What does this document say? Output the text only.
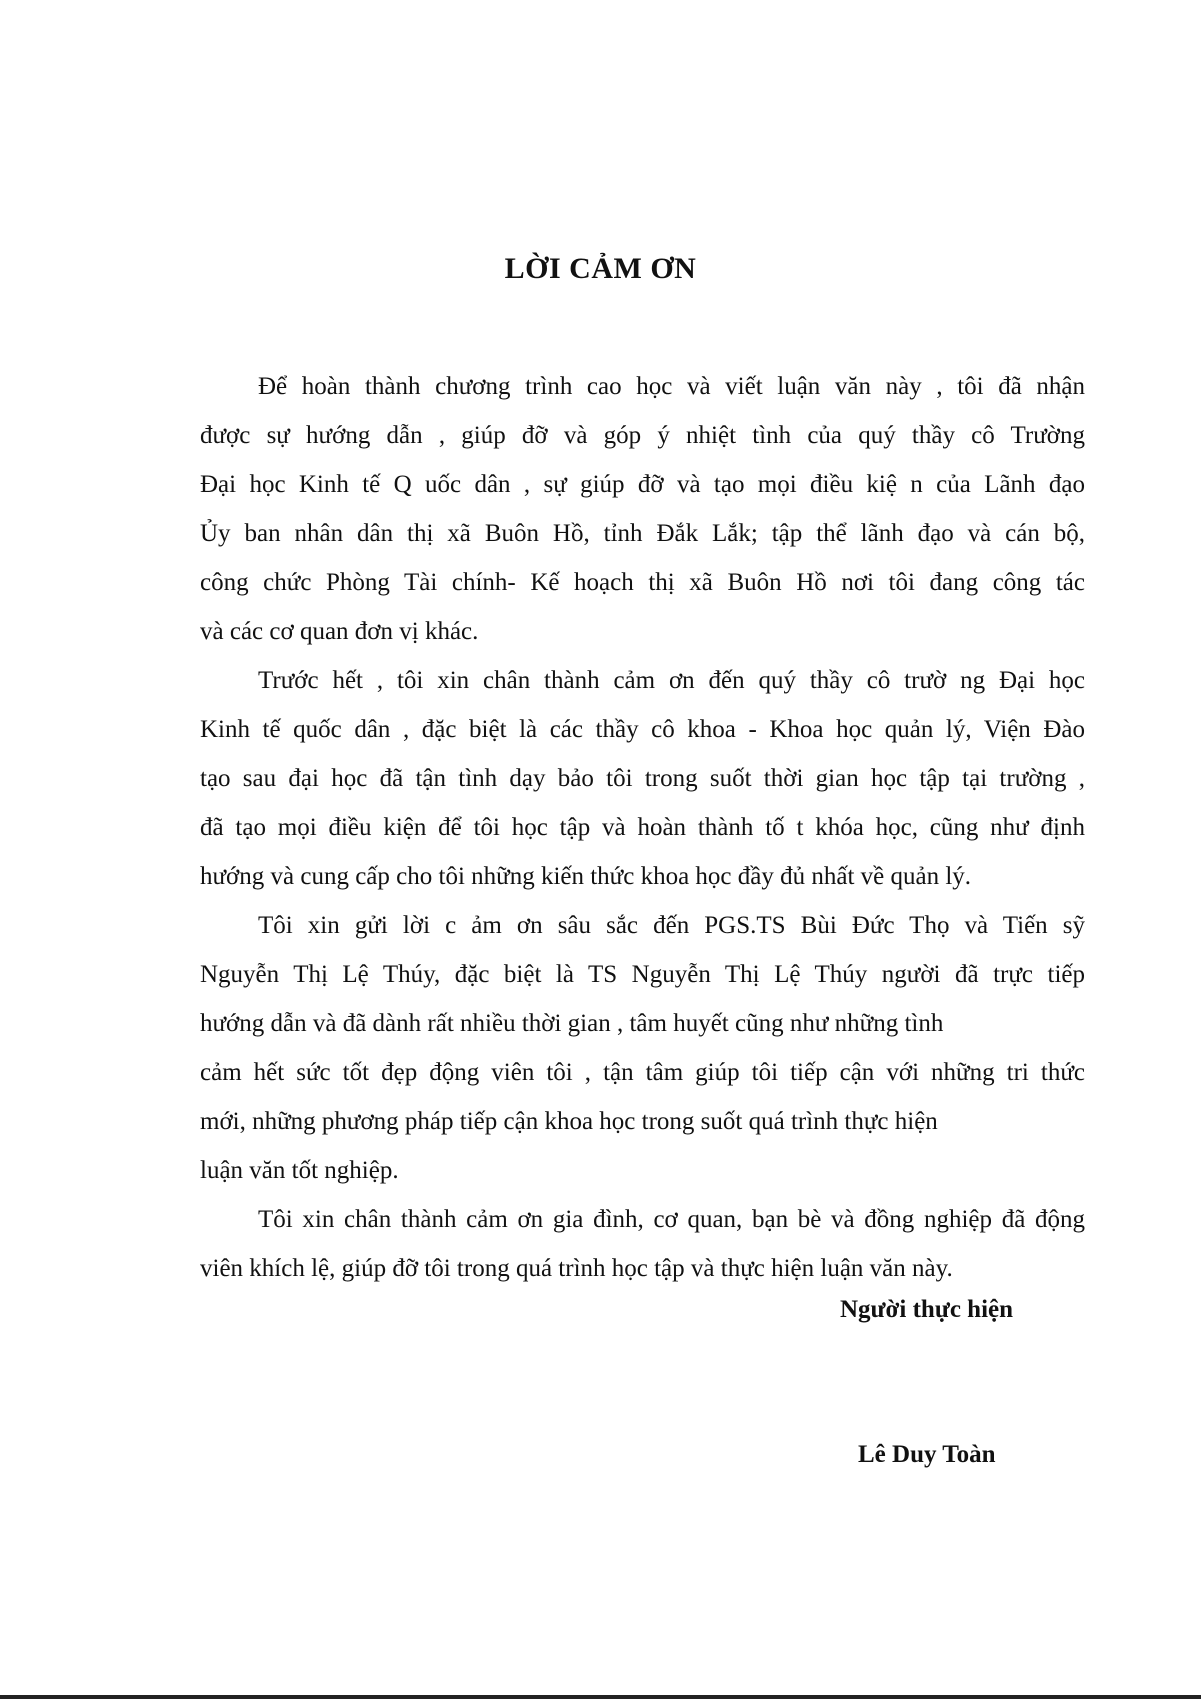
LỜI CẢM ƠN
Để hoàn thành chương trình cao học và viết luận văn này , tôi đã nhận
được sự hướng dẫn , giúp đỡ và góp ý nhiệt tình của quý thầy cô Trường
Đại học Kinh tế Q uốc dân , sự giúp đỡ và tạo mọi điều kiệ n của Lãnh đạo
Ủy ban nhân dân thị xã Buôn Hồ, tỉnh Đắk Lắk; tập thể lãnh đạo và cán bộ,
công chức Phòng Tài chính- Kế hoạch thị xã Buôn Hồ nơi tôi đang công tác
và các cơ quan đơn vị khác.
Trước hết , tôi xin chân thành cảm ơn đến quý thầy cô trườ ng Đại học
Kinh tế quốc dân , đặc biệt là các thầy cô khoa - Khoa học quản lý, Viện Đào
tạo sau đại học đã tận tình dạy bảo tôi trong suốt thời gian học tập tại trường ,
đã tạo mọi điều kiện để tôi học tập và hoàn thành tố t khóa học, cũng như định
hướng và cung cấp cho tôi những kiến thức khoa học đầy đủ nhất về quản lý.
Tôi xin gửi lời c ảm ơn sâu sắc đến PGS.TS Bùi Đức Thọ và Tiến sỹ
Nguyễn Thị Lệ Thúy, đặc biệt là TS Nguyễn Thị Lệ Thúy người đã trực tiếp
hướng dẫn và đã dành rất nhiều thời gian , tâm huyết cũng như những tình
cảm hết sức tốt đẹp động viên tôi , tận tâm giúp tôi tiếp cận với những tri thức
mới, những phương pháp tiếp cận khoa học trong suốt quá trình thực hiện
luận văn tốt nghiệp.
Tôi xin chân thành cảm ơn gia đình, cơ quan, bạn bè và đồng nghiệp đã động
viên khích lệ, giúp đỡ tôi trong quá trình học tập và thực hiện luận văn này.
Người thực hiện
Lê Duy Toàn
